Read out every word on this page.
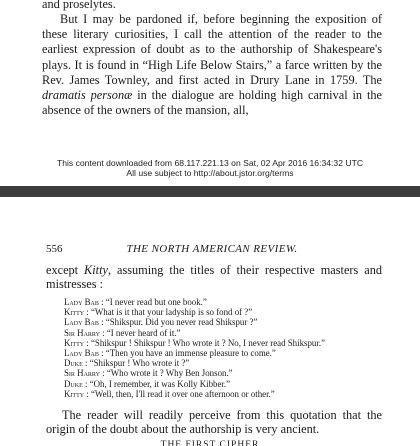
and proselytes.
But I may be pardoned if, before beginning the exposition of these literary curiosities, I call the attention of the reader to the earliest expression of doubt as to the authorship of Shakespeare's plays. It is found in “High Life Below Stairs,” a farce written by the Rev. James Townley, and first acted in Drury Lane in 1759. The dramatis personæ in the dialogue are holding high carnival in the absence of the owners of the mansion, all,
This content downloaded from 68.117.221.13 on Sat, 02 Apr 2016 16:34:32 UTC
All use subject to http://about.jstor.org/terms
556	THE NORTH AMERICAN REVIEW.
except Kitty, assuming the titles of their respective masters and mistresses :
Lady Bab : “I never read but one book.”
Kitty : “What is it that your ladyship is so fond of ?”
Lady Bab : “Shikspur. Did you never read Shikspur ?”
Sir Harry : “I never heard of it.”
Kitty : “Shikspur ! Shikspur ! Who wrote it ? No, I never read Shikspur.”
Lady Bab : “Then you have an immense pleasure to come.”
Duke : “Shikspur ! Who wrote it ?”
Sir Harry : “Who wrote it ? Why Ben Jonson.”
Duke : “Oh, I remember, it was Kolly Kibber.”
Kitty : “Well, then, I'll read it over one afternoon or other.”
The reader will readily perceive from this quotation that the origin of the doubt about the authorship is very ancient.
THE FIRST CIPHER
